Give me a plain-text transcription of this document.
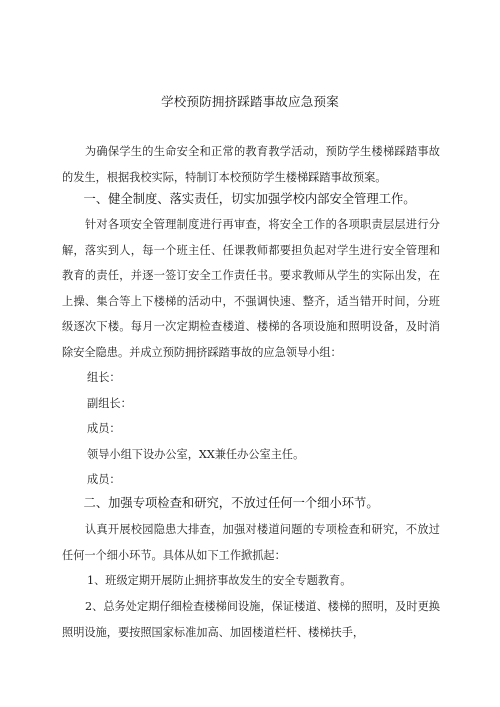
学校预防拥挤踩踏事故应急预案

为确保学生的生命安全和正常的教育教学活动，预防学生楼梯踩踏事故的发生，根据我校实际，特制订本校预防学生楼梯踩踏事故预案。

一、健全制度、落实责任，切实加强学校内部安全管理工作。

针对各项安全管理制度进行再审查，将安全工作的各项职责层层进行分解，落实到人，每一个班主任、任课教师都要担负起对学生进行安全管理和教育的责任，并逐一签订安全工作责任书。要求教师从学生的实际出发，在上操、集合等上下楼梯的活动中，不强调快速、整齐，适当错开时间，分班级逐次下楼。每月一次定期检查楼道、楼梯的各项设施和照明设备，及时消除安全隐患。并成立预防拥挤踩踏事故的应急领导小组：

组长：

副组长：

成员：

领导小组下设办公室，XX兼任办公室主任。

成员：

二、加强专项检查和研究，不放过任何一个细小环节。

认真开展校园隐患大排查，加强对楼道问题的专项检查和研究，不放过任何一个细小环节。具体从如下工作掀抓起：

1、班级定期开展防止拥挤事故发生的安全专题教育。

2、总务处定期仔细检查楼梯间设施，保证楼道、楼梯的照明，及时更换照明设施，要按照国家标准加高、加固楼道栏杆、楼梯扶手，
